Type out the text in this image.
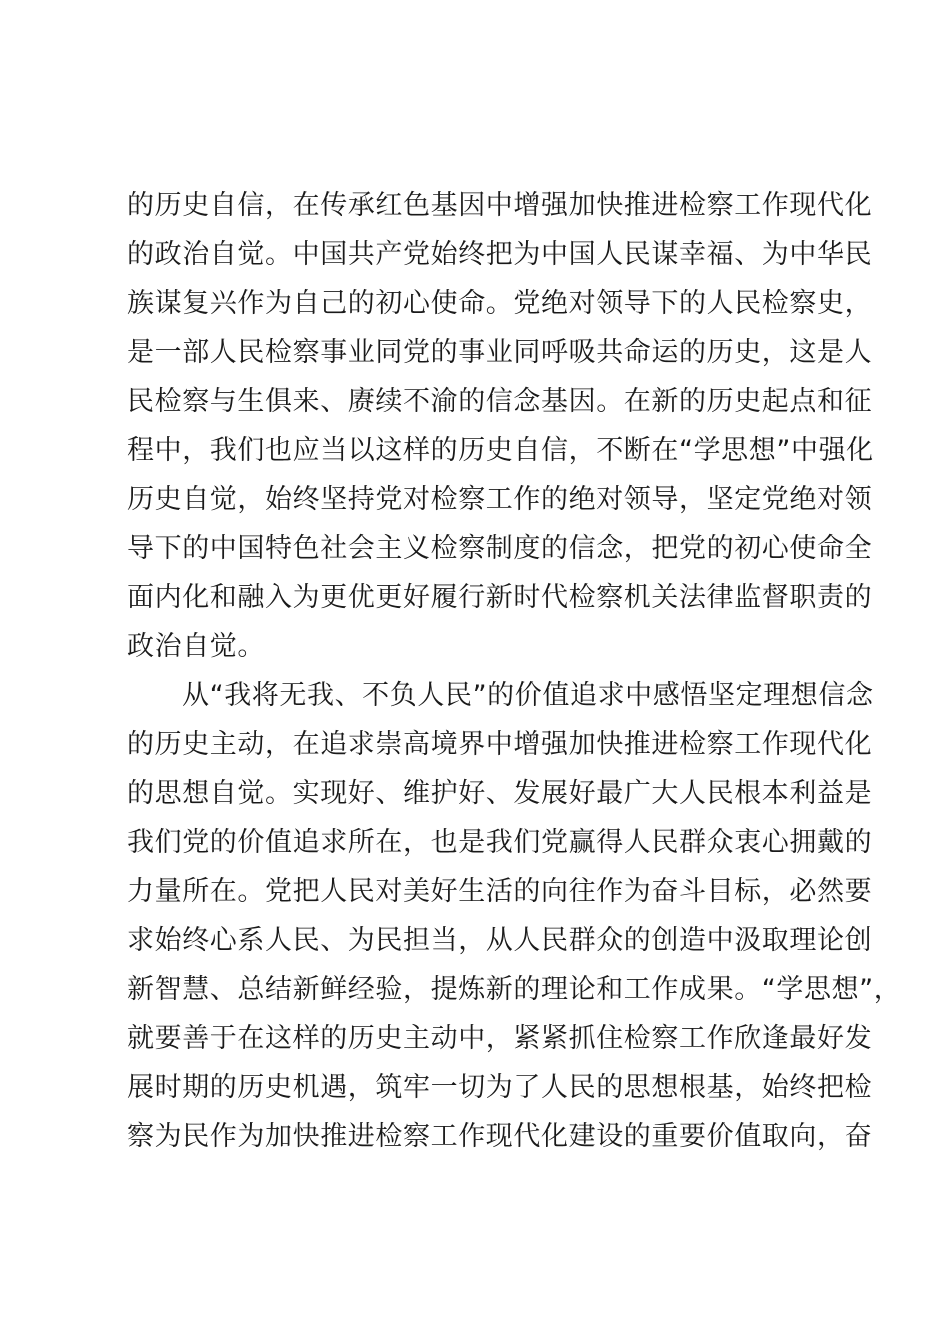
的历史自信，在传承红色基因中增强加快推进检察工作现代化
的政治自觉。中国共产党始终把为中国人民谋幸福、为中华民
族谋复兴作为自己的初心使命。党绝对领导下的人民检察史，
是一部人民检察事业同党的事业同呼吸共命运的历史，这是人
民检察与生俱来、赓续不渝的信念基因。在新的历史起点和征
程中，我们也应当以这样的历史自信，不断在“学思想”中强化
历史自觉，始终坚持党对检察工作的绝对领导，坚定党绝对领
导下的中国特色社会主义检察制度的信念，把党的初心使命全
面内化和融入为更优更好履行新时代检察机关法律监督职责的
政治自觉。
从“我将无我、不负人民”的价值追求中感悟坚定理想信念
的历史主动，在追求崇高境界中增强加快推进检察工作现代化
的思想自觉。实现好、维护好、发展好最广大人民根本利益是
我们党的价值追求所在，也是我们党赢得人民群众衷心拥戴的
力量所在。党把人民对美好生活的向往作为奋斗目标，必然要
求始终心系人民、为民担当，从人民群众的创造中汲取理论创
新智慧、总结新鲜经验，提炼新的理论和工作成果。“学思想”，
就要善于在这样的历史主动中，紧紧抓住检察工作欣逢最好发
展时期的历史机遇，筑牢一切为了人民的思想根基，始终把检
察为民作为加快推进检察工作现代化建设的重要价值取向，奋
